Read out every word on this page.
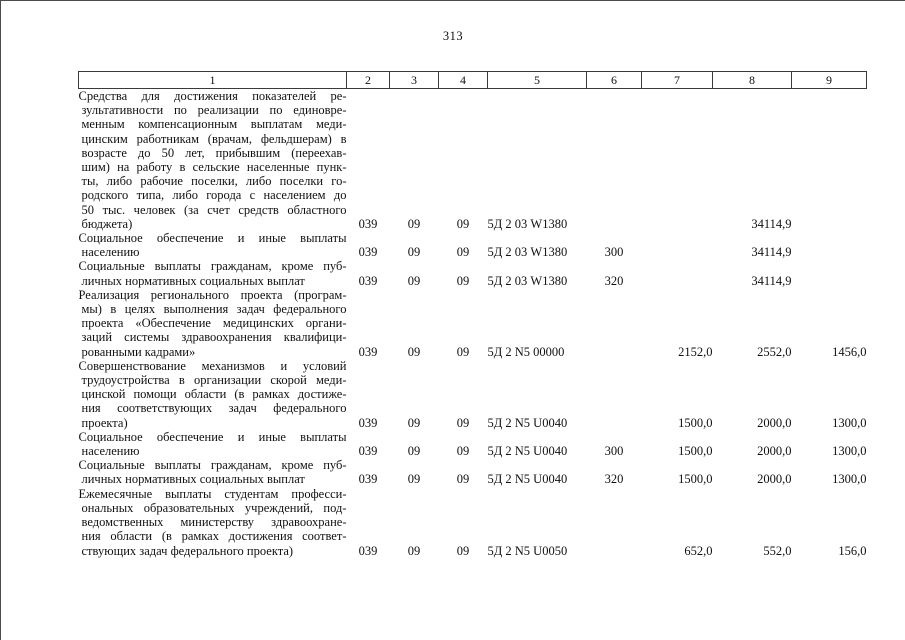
313
1	2	3	4	5	6	7	8	9

Средства для достижения показателей ре-
зультативности по реализации по единовре-
менным компенсационным выплатам меди-
цинским работникам (врачам, фельдшерам) в
возрасте до 50 лет, прибывшим (переехав-
шим) на работу в сельские населенные пунк-
ты, либо рабочие поселки, либо поселки го-
родского типа, либо города с населением до
50 тыс. человек (за счет средств областного
бюджета)	039	09	09	5Д 2 03 W1380			34114,9	

Социальное обеспечение и иные выплаты
населению	039	09	09	5Д 2 03 W1380	300		34114,9	

Социальные выплаты гражданам, кроме пуб-
личных нормативных социальных выплат	039	09	09	5Д 2 03 W1380	320		34114,9	

Реализация регионального проекта (програм-
мы) в целях выполнения задач федерального
проекта «Обеспечение медицинских органи-
заций системы здравоохранения квалифици-
рованными кадрами»	039	09	09	5Д 2 N5 00000		2152,0	2552,0	1456,0

Совершенствование механизмов и условий
трудоустройства в организации скорой меди-
цинской помощи области (в рамках достиже-
ния соответствующих задач федерального
проекта)	039	09	09	5Д 2 N5 U0040		1500,0	2000,0	1300,0

Социальное обеспечение и иные выплаты
населению	039	09	09	5Д 2 N5 U0040	300	1500,0	2000,0	1300,0

Социальные выплаты гражданам, кроме пуб-
личных нормативных социальных выплат	039	09	09	5Д 2 N5 U0040	320	1500,0	2000,0	1300,0

Ежемесячные выплаты студентам професси-
ональных образовательных учреждений, под-
ведомственных министерству здравоохране-
ния области (в рамках достижения соответ-
ствующих задач федерального проекта)	039	09	09	5Д 2 N5 U0050		652,0	552,0	156,0
